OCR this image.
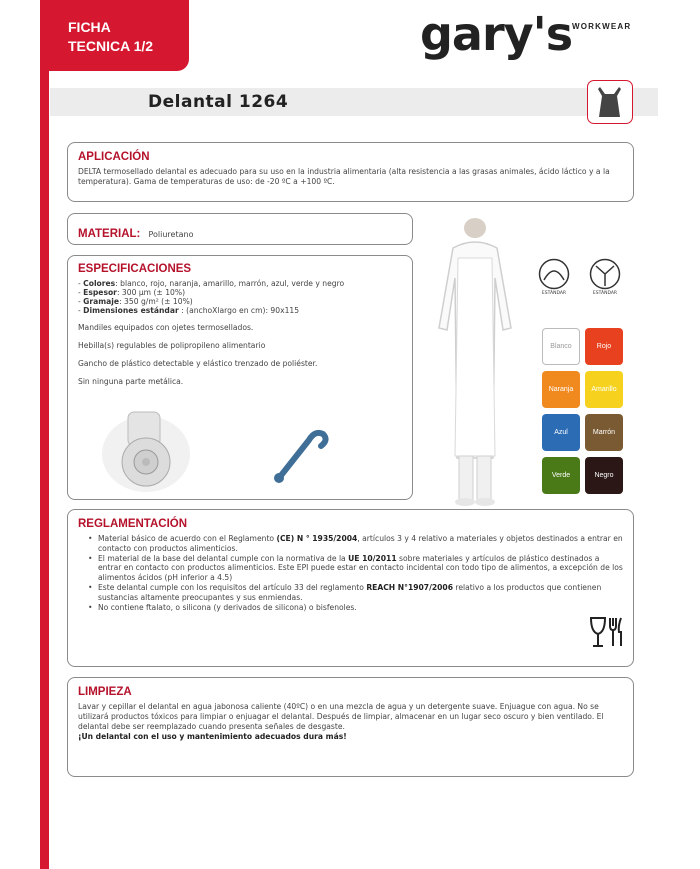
FICHA
TECNICA 1/2	gary's WORKWEAR
Delantal 1264
APLICACIÓN

DELTA termosellado delantal es adecuado para su uso en la industria alimentaria (alta resistencia a las grasas animales, ácido láctico y a la temperatura). Gama de temperaturas de uso: de -20 ºC a +100 ºC.

MATERIAL: Poliuretano
ESPECIFICACIONES
- Colores: blanco, rojo, naranja, amarillo, marrón, azul, verde y negro
- Espesor: 300 µm (± 10%)
- Gramaje: 350 g/m² (± 10%)
- Dimensiones estándar : (anchoXlargo en cm): 90x115

Mandiles equipados con ojetes termosellados.

Hebilla(s) regulables de polipropileno alimentario

Gancho de plástico detectable y elástico trenzado de poliéster.

Sin ninguna parte metálica.

ESTÁNDAR	ESTÁNDAR
Blanco	Rojo
Naranja	Amarillo
Azul	Marrón
Verde	Negro
REGLAMENTACIÓN
• Material básico de acuerdo con el Reglamento (CE) N ° 1935/2004, artículos 3 y 4 relativo a materiales y objetos destinados a entrar en contacto con productos alimenticios.
• El material de la base del delantal cumple con la normativa de la UE 10/2011 sobre materiales y artículos de plástico destinados a entrar en contacto con productos alimenticios. Este EPI puede estar en contacto incidental con todo tipo de alimentos, a excepción de los alimentos ácidos (pH inferior a 4.5)
• Este delantal cumple con los requisitos del artículo 33 del reglamento REACH N°1907/2006 relativo a los productos que contienen sustancias altamente preocupantes y sus enmiendas.
• No contiene ftalato, o silicona (y derivados de silicona) o bisfenoles.
LIMPIEZA

Lavar y cepillar el delantal en agua jabonosa caliente (40ºC) o en una mezcla de agua y un detergente suave. Enjuague con agua. No se utilizará productos tóxicos para limpiar o enjuagar el delantal. Después de limpiar, almacenar en un lugar seco oscuro y bien ventilado. El delantal debe ser reemplazado cuando presenta señales de desgaste.

¡Un delantal con el uso y mantenimiento adecuados dura más!
